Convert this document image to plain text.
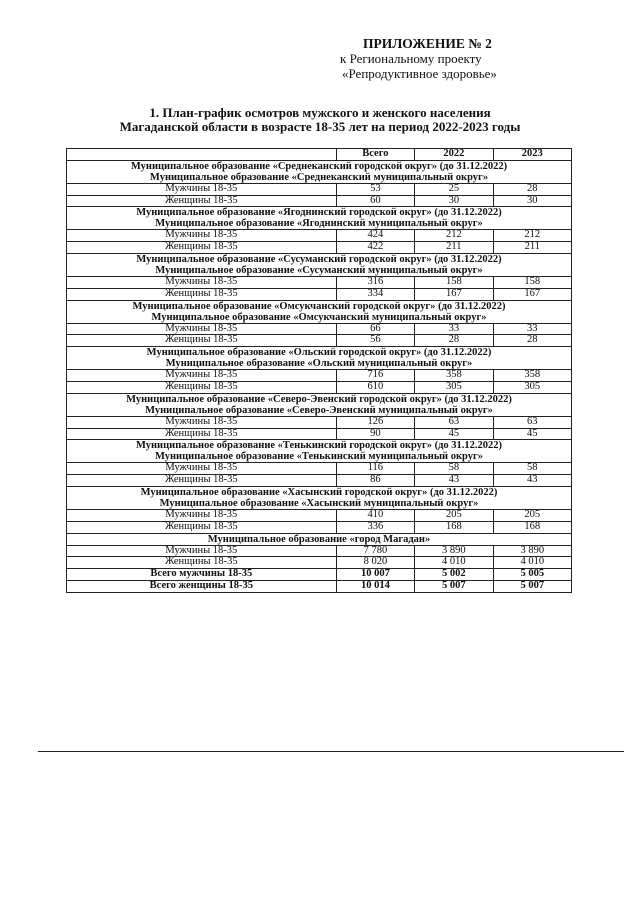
ПРИЛОЖЕНИЕ № 2
к Региональному проекту
«Репродуктивное здоровье»
1. План-график осмотров мужского и женского населения
Магаданской области в возрасте 18-35 лет на период 2022-2023 годы
	Всего	2022	2023

Муниципальное образование «Среднеканский городской округ» (до 31.12.2022)
Муниципальное образование «Среднеканский муниципальный округ»			

Мужчины 18-35	53	25	28
Женщины 18-35	60	30	30

Муниципальное образование «Ягоднинский городской округ» (до 31.12.2022)
Муниципальное образование «Ягоднинский муниципальный округ»			

Мужчины 18-35	424	212	212
Женщины 18-35	422	211	211

Муниципальное образование «Сусуманский городской округ» (до 31.12.2022)
Муниципальное образование «Сусуманский муниципальный округ»			

Мужчины 18-35	316	158	158
Женщины 18-35	334	167	167

Муниципальное образование «Омсукчанский городской округ» (до 31.12.2022)
Муниципальное образование «Омсукчанский муниципальный округ»			

Мужчины 18-35	66	33	33
Женщины 18-35	56	28	28

Муниципальное образование «Ольский городской округ» (до 31.12.2022)
Муниципальное образование «Ольский муниципальный округ»			

Мужчины 18-35	716	358	358
Женщины 18-35	610	305	305

Муниципальное образование «Северо-Эвенский городской округ» (до 31.12.2022)
Муниципальное образование «Северо-Эвенский муниципальный округ»			

Мужчины 18-35	126	63	63
Женщины 18-35	90	45	45

Муниципальное образование «Тенькинский городской округ» (до 31.12.2022)
Муниципальное образование «Тенькинский муниципальный округ»			

Мужчины 18-35	116	58	58
Женщины 18-35	86	43	43

Муниципальное образование «Хасынский городской округ» (до 31.12.2022)
Муниципальное образование «Хасынский муниципальный округ»			

Мужчины 18-35	410	205	205
Женщины 18-35	336	168	168

Муниципальное образование «город Магадан»			

Мужчины 18-35	7 780	3 890	3 890
Женщины 18-35	8 020	4 010	4 010
Всего мужчины 18-35	10 007	5 002	5 005
Всего женщины 18-35	10 014	5 007	5 007
